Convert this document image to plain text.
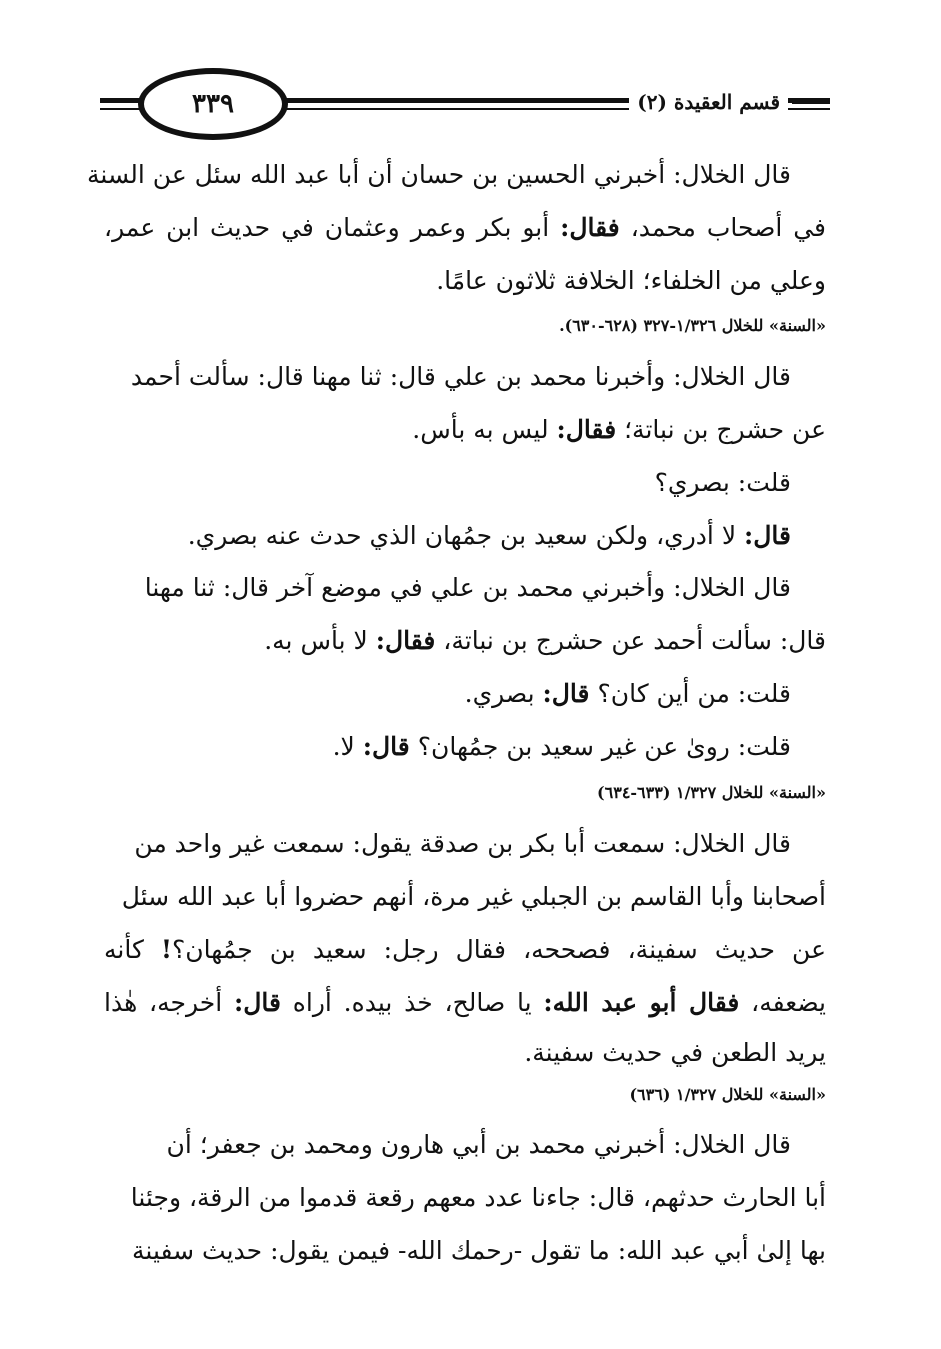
٣٣٩	قسم العقيدة (٢)
قال الخلال: أخبرني الحسين بن حسان أن أبا عبد الله سئل عن السنة
في أصحاب محمد، فقال: أبو بكر وعمر وعثمان في حديث ابن عمر،
وعلي من الخلفاء؛ الخلافة ثلاثون عامًا.
«السنة» للخلال ١/٣٢٦-٣٢٧ (٦٢٨-٦٣٠).
قال الخلال: وأخبرنا محمد بن علي قال: ثنا مهنا قال: سألت أحمد
عن حشرج بن نباتة؛ فقال: ليس به بأس.
قلت: بصري؟
قال: لا أدري، ولكن سعيد بن جمُهان الذي حدث عنه بصري.
قال الخلال: وأخبرني محمد بن علي في موضع آخر قال: ثنا مهنا
قال: سألت أحمد عن حشرج بن نباتة، فقال: لا بأس به.
قلت: من أين كان؟ قال: بصري.
قلت: روىٰ عن غير سعيد بن جمُهان؟ قال: لا.
«السنة» للخلال ١/٣٢٧ (٦٣٣-٦٣٤)
قال الخلال: سمعت أبا بكر بن صدقة يقول: سمعت غير واحد من
أصحابنا وأبا القاسم بن الجبلي غير مرة، أنهم حضروا أبا عبد الله سئل
عن حديث سفينة، فصححه، فقال رجل: سعيد بن جمُهان؟! كأنه
يضعفه، فقال أبو عبد الله: يا صالح، خذ بيده. أراه قال: أخرجه، هٰذا
يريد الطعن في حديث سفينة.
«السنة» للخلال ١/٣٢٧ (٦٣٦)
قال الخلال: أخبرني محمد بن أبي هارون ومحمد بن جعفر؛ أن
أبا الحارث حدثهم، قال: جاءنا عدد معهم رقعة قدموا من الرقة، وجئنا
بها إلىٰ أبي عبد الله: ما تقول -رحمك الله- فيمن يقول: حديث سفينة
